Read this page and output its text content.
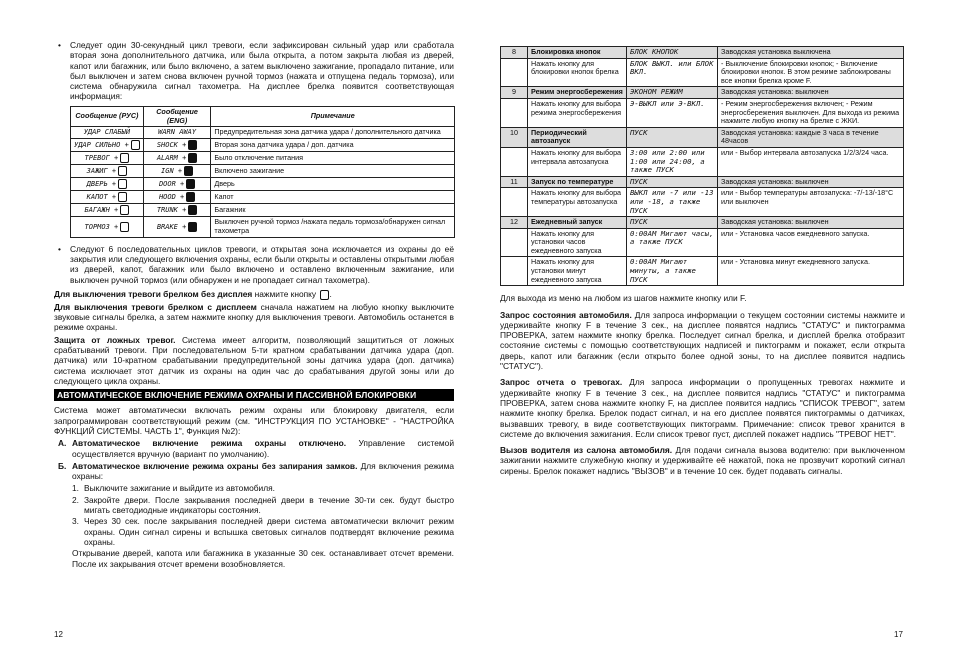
• Следует один 30-секундный цикл тревоги, если зафиксирован сильный удар или сработала вторая зона дополнительного датчика, или была открыта, а потом закрыта любая из дверей, капот или багажник, или было включено, а затем выключено зажигание, пропадало питание, или был выключен и затем снова включен ручной тормоз (нажата и отпущена педаль тормоза), или система обнаружила сигнал тахометра. На дисплее брелка появится соответствующая информация:
Сообщение (РУС)	Сообщение (ENG)	Примечание
УДАР СЛАБЫЙ	WARN AWAY	Предупредительная зона датчика удара / дополнительного датчика
УДАР СИЛЬНО +	SHOCK +	Вторая зона датчика удара / доп. датчика
ТРЕВОГ +	ALARM +	Было отключение питания
ЗАЖИГ +	IGN +	Включено зажигание
ДВЕРЬ +	DOOR +	Дверь
КАПОТ +	HOOD +	Капот
БАГАЖН +	TRUNK +	Багажник
ТОРМОЗ +	BRAKE +	Выключен ручной тормоз /нажата педаль тормоза/обнаружен сигнал тахометра
• Следуют 6 последовательных циклов тревоги, и открытая зона исключается из охраны до её закрытия или следующего включения охраны, если были открыты и оставлены открытыми любая из дверей, капот, багажник или было включено и оставлено включенным зажигание, или выключен ручной тормоз (или обнаружен и не пропадает сигнал тахометра).

Для выключения тревоги брелком без дисплея нажмите кнопку .

Для выключения тревоги брелком с дисплеем сначала нажатием на любую кнопку выключите звуковые сигналы брелка, а затем нажмите кнопку для выключения тревоги. Автомобиль останется в режиме охраны.

Защита от ложных тревог. Система имеет алгоритм, позволяющий защититься от ложных срабатываний тревоги. При последовательном 5-ти кратном срабатывании датчика удара (доп. датчика) или 10-кратном срабатывании предупредительной зоны датчика удара (доп. датчика) система исключает этот датчик из охраны на один час до срабатывания другой зоны или до следующего цикла охраны.

АВТОМАТИЧЕСКОЕ ВКЛЮЧЕНИЕ РЕЖИМА ОХРАНЫ И ПАССИВНОЙ БЛОКИРОВКИ

Система может автоматически включать режим охраны или блокировку двигателя, если запрограммирован соответствующий режим (см. "ИНСТРУКЦИЯ ПО УСТАНОВКЕ" - "НАСТРОЙКА ФУНКЦИЙ СИСТЕМЫ. ЧАСТЬ 1", Функция №2):

А. Автоматическое включение режима охраны отключено. Управление системой осуществляется вручную (вариант по умолчанию).
Б. Автоматическое включение режима охраны без запирания замков. Для включения режима охраны:
1. Выключите зажигание и выйдите из автомобиля.
2. Закройте двери. После закрывания последней двери в течение 30-ти сек. будут быстро мигать светодиодные индикаторы состояния.
3. Через 30 сек. после закрывания последней двери система автоматически включит режим охраны. Один сигнал сирены и вспышка световых сигналов подтвердят включение режима охраны.
Открывание дверей, капота или багажника в указанные 30 сек. останавливает отсчет времени. После их закрывания отсчет времени возобновляется.
12
8	Блокировка кнопок	БЛОК КНОПОК	Заводская установка выключена
	Нажать кнопку для блокировки кнопок брелка	БЛОК ВЫКЛ. или БЛОК ВКЛ.	- Выключение блокировки кнопок; - Включение блокировки кнопок. В этом режиме заблокированы все кнопки брелка кроме F.
9	Режим энергосбережения	ЭКОНОМ РЕЖИМ	Заводская установка: выключен
	Нажать кнопку для выбора режима энергосбережения	Э-ВЫКЛ или Э-ВКЛ.	- Режим энергосбережения включен; - Режим энергосбережения выключен. Для выхода из режима нажмите любую кнопку на брелке с ЖКИ.
10	Периодический автозапуск	ПУСК	Заводская установка: каждые 3 часа в течение 48часов
	Нажать кнопку для выбора интервала автозапуска	3:00 или 2:00 или 1:00 или 24:00, а также ПУСК	или - Выбор интервала автозапуска 1/2/3/24 часа.
11	Запуск по температуре	ПУСК	Заводская установка: выключен
	Нажать кнопку для выбора температуры автозапуска	ВЫКЛ или -7 или -13 или -18, а также ПУСК	или - Выбор температуры автозапуска: -7/-13/-18°С или выключен
12	Ежедневный запуск	ПУСК	Заводская установка: выключен
	Нажать кнопку для установки часов ежедневного запуска	0:00AM Мигают часы, а также ПУСК	или - Установка часов ежедневного запуска.
	Нажать кнопку для установки минут ежедневного запуска	0:00AM Мигают минуты, а также ПУСК	или - Установка минут ежедневного запуска.

Для выхода из меню на любом из шагов нажмите кнопку или F.

Запрос состояния автомобиля. Для запроса информации о текущем состоянии системы нажмите и удерживайте кнопку F в течение 3 сек., на дисплее появятся надпись "СТАТУС" и пиктограмма ПРОВЕРКА, затем нажмите кнопку брелка. Последует сигнал брелка, и дисплей брелка отобразит состояние системы с помощью соответствующих надписей и пиктограмм и покажет, если открыта дверь, капот или багажник (если открыто более одной зоны, то на дисплее появится надпись "СТАТУС").

Запрос отчета о тревогах. Для запроса информации о пропущенных тревогах нажмите и удерживайте кнопку F в течение 3 сек., на дисплее появится надпись "СТАТУС" и пиктограмма ПРОВЕРКА, затем снова нажмите кнопку F, на дисплее появится надпись "СПИСОК ТРЕВОГ", затем нажмите кнопку брелка. Брелок подаст сигнал, и на его дисплее появятся пиктограммы о датчиках, вызвавших тревогу, в виде соответствующих пиктограмм. Примечание: список тревог хранится в системе до включения зажигания. Если список тревог пуст, дисплей покажет надпись "ТРЕВОГ НЕТ".

Вызов водителя из салона автомобиля. Для подачи сигнала вызова водителю: при выключенном зажигании нажмите служебную кнопку и удерживайте её нажатой, пока не прозвучит короткий сигнал сирены. Брелок покажет надпись "ВЫЗОВ" и в течение 10 сек. будет подавать сигналы.

17
